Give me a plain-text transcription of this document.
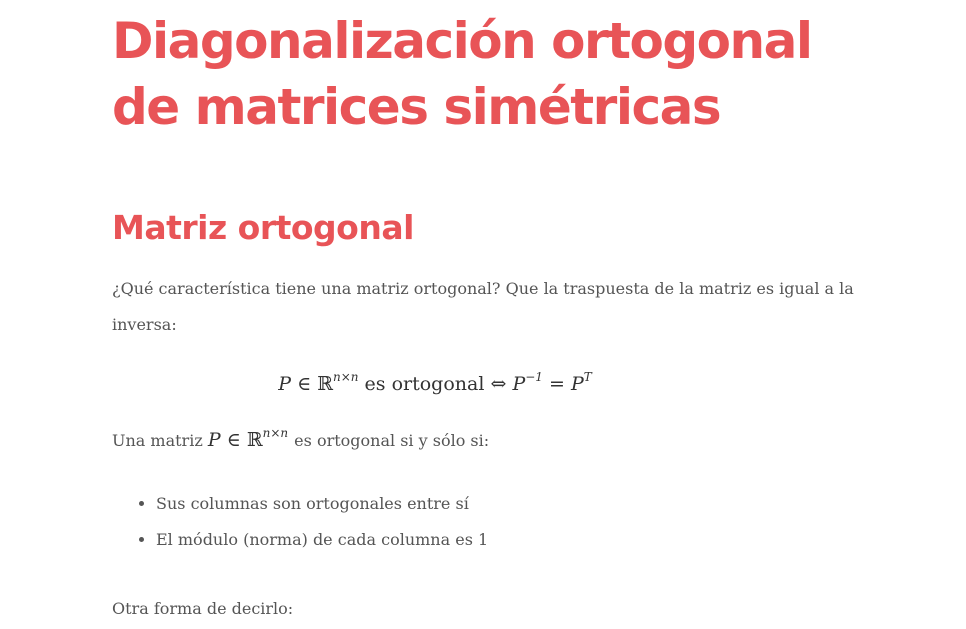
Diagonalización ortogonal de matrices simétricas
Matriz ortogonal

¿Qué característica tiene una matriz ortogonal? Que la traspuesta de la matriz es igual a la inversa:

P ∈ ℝ$^{n\times n}$ es ortogonal ⇔ $P^{-1} = P^T$

Una matriz P ∈ ℝ$^{n\times n}$ es ortogonal si y sólo si:

• Sus columnas son ortogonales entre sí
• El módulo (norma) de cada columna es 1

Otra forma de decirlo:
